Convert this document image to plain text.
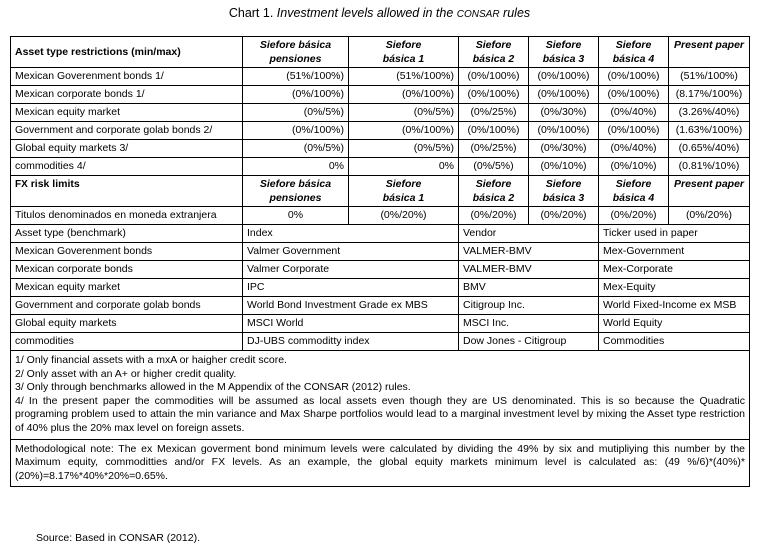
Chart 1. Investment levels allowed in the CONSAR rules
Asset type restrictions (min/max)	Siefore básica pensiones	Siefore básica 1	Siefore básica 2	Siefore básica 3	Siefore básica 4	Present paper
Mexican Goverenment bonds 1/	(51%/100%)	(51%/100%)	(0%/100%)	(0%/100%)	(0%/100%)	(51%/100%)
Mexican corporate bonds 1/	(0%/100%)	(0%/100%)	(0%/100%)	(0%/100%)	(0%/100%)	(8.17%/100%)
Mexican equity market	(0%/5%)	(0%/5%)	(0%/25%)	(0%/30%)	(0%/40%)	(3.26%/40%)
Government and corporate golab bonds 2/	(0%/100%)	(0%/100%)	(0%/100%)	(0%/100%)	(0%/100%)	(1.63%/100%)
Global equity markets 3/	(0%/5%)	(0%/5%)	(0%/25%)	(0%/30%)	(0%/40%)	(0.65%/40%)
commodities 4/	0%	0%	(0%/5%)	(0%/10%)	(0%/10%)	(0.81%/10%)
FX risk limits	Siefore básica pensiones	Siefore básica 1	Siefore básica 2	Siefore básica 3	Siefore básica 4	Present paper
Titulos denominados en moneda extranjera	0%	(0%/20%)	(0%/20%)	(0%/20%)	(0%/20%)	(0%/20%)
Asset type (benchmark)	Index		Vendor		Ticker used in paper	
Mexican Goverenment bonds	Valmer Government		VALMER-BMV		Mex-Government	
Mexican corporate bonds	Valmer Corporate		VALMER-BMV		Mex-Corporate	
Mexican equity market	IPC		BMV		Mex-Equity	
Government and corporate golab bonds	World Bond Investment Grade ex MBS		Citigroup Inc.		World Fixed-Income ex MSB	
Global equity markets	MSCI World		MSCI Inc.		World Equity	
commodities	DJ-UBS commoditty index		Dow Jones - Citigroup		Commodities	

1/ Only financial assets with a mxA or haigher credit score.
2/ Only asset with an A+ or higher credit quality.
3/ Only through benchmarks allowed in the M Appendix of the CONSAR (2012) rules.
4/ In the present paper the commodities will be assumed as local assets even though they are US denominated. This is so because the Quadratic programing problem used to attain the min variance and Max Sharpe portfolios would lead to a marginal investment level by mixing the Asset type restriction of 40% plus the 20% max level on foreign assets.						

Methodological note: The ex Mexican goverment bond minimum levels were calculated by dividing the 49% by six and mutipliying this number by the Maximum equity, commoditties and/or FX levels. As an example, the global equity markets minimum level is calculated as: (49 %/6)*(40%)*(20%)=8.17%*40%*20%=0.65%.						
Source: Based in CONSAR (2012).
